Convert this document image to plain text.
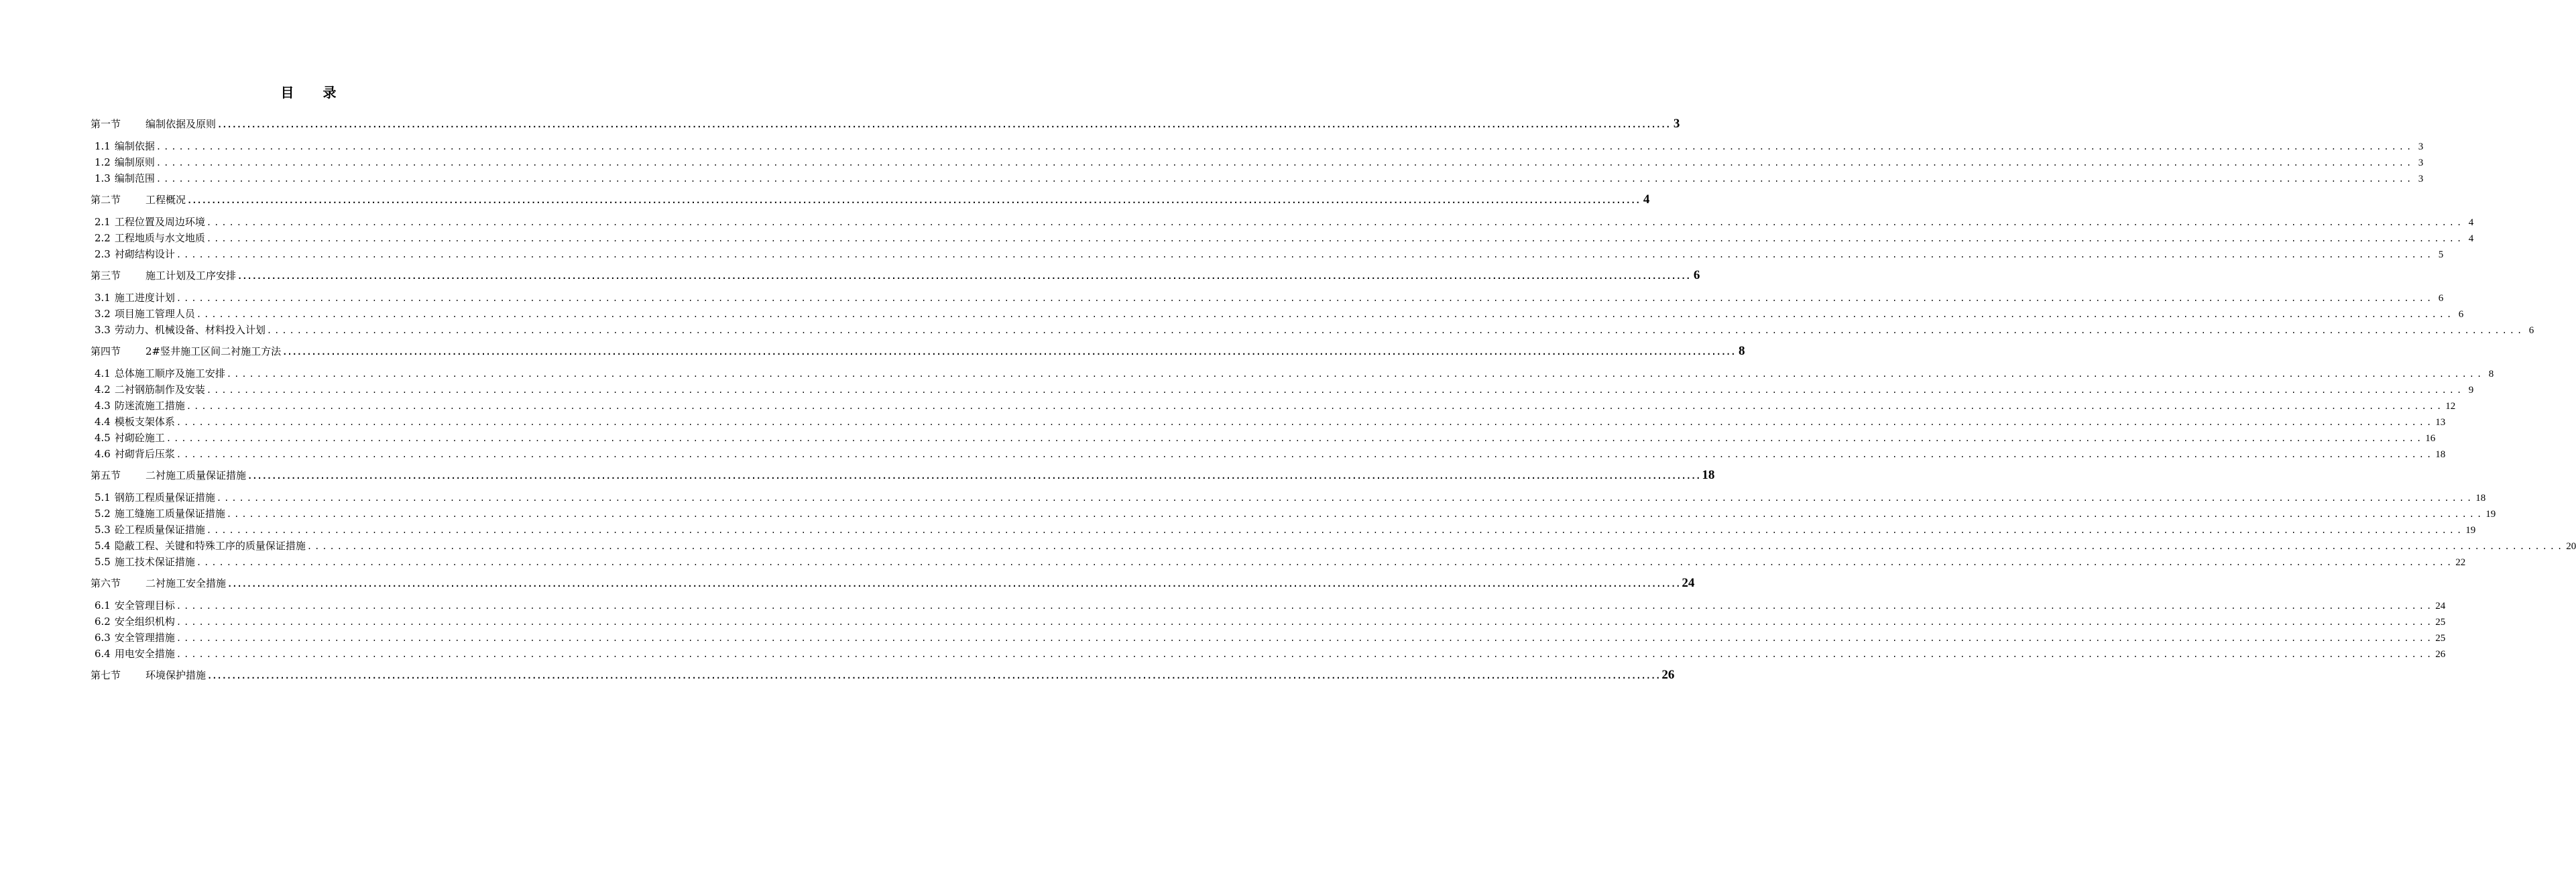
目 录
第一节	编制依据及原则 ............................................................................................................................................................................................................................................................................................................ 3
1.1 编制依据 ............................................................................................................................................................................................................................................................................................................ 3
1.2 编制原则 ............................................................................................................................................................................................................................................................................................................ 3
1.3 编制范围 ............................................................................................................................................................................................................................................................................................................ 3
第二节	工程概况 ............................................................................................................................................................................................................................................................................................................ 4
2.1 工程位置及周边环境 ............................................................................................................................................................................................................................................................................................................ 4
2.2 工程地质与水文地质 ............................................................................................................................................................................................................................................................................................................ 4
2.3 衬砌结构设计 ............................................................................................................................................................................................................................................................................................................ 5
第三节	施工计划及工序安排 ............................................................................................................................................................................................................................................................................................................ 6
3.1 施工进度计划 ............................................................................................................................................................................................................................................................................................................ 6
3.2 项目施工管理人员 ............................................................................................................................................................................................................................................................................................................ 6
3.3 劳动力、机械设备、材料投入计划 ............................................................................................................................................................................................................................................................................................................ 6
第四节	2#竖井施工区间二衬施工方法 ............................................................................................................................................................................................................................................................................................................ 8
4.1 总体施工顺序及施工安排 ............................................................................................................................................................................................................................................................................................................ 8
4.2 二衬钢筋制作及安装 ............................................................................................................................................................................................................................................................................................................ 9
4.3 防迷流施工措施 ............................................................................................................................................................................................................................................................................................................ 12
4.4 模板支架体系 ............................................................................................................................................................................................................................................................................................................ 13
4.5 衬砌砼施工 ............................................................................................................................................................................................................................................................................................................ 16
4.6 衬砌背后压浆 ............................................................................................................................................................................................................................................................................................................ 18
第五节	二衬施工质量保证措施 ............................................................................................................................................................................................................................................................................................................ 18
5.1 钢筋工程质量保证措施 ............................................................................................................................................................................................................................................................................................................ 18
5.2 施工缝施工质量保证措施 ............................................................................................................................................................................................................................................................................................................ 19
5.3 砼工程质量保证措施 ............................................................................................................................................................................................................................................................................................................ 19
5.4 隐蔽工程、关键和特殊工序的质量保证措施 ............................................................................................................................................................................................................................................................................................................ 20
5.5 施工技术保证措施 ............................................................................................................................................................................................................................................................................................................ 22
第六节	二衬施工安全措施 ............................................................................................................................................................................................................................................................................................................ 24
6.1 安全管理目标 ............................................................................................................................................................................................................................................................................................................ 24
6.2 安全组织机构 ............................................................................................................................................................................................................................................................................................................ 25
6.3 安全管理措施 ............................................................................................................................................................................................................................................................................................................ 25
6.4 用电安全措施 ............................................................................................................................................................................................................................................................................................................ 26
第七节	环境保护措施 ............................................................................................................................................................................................................................................................................................................ 26
